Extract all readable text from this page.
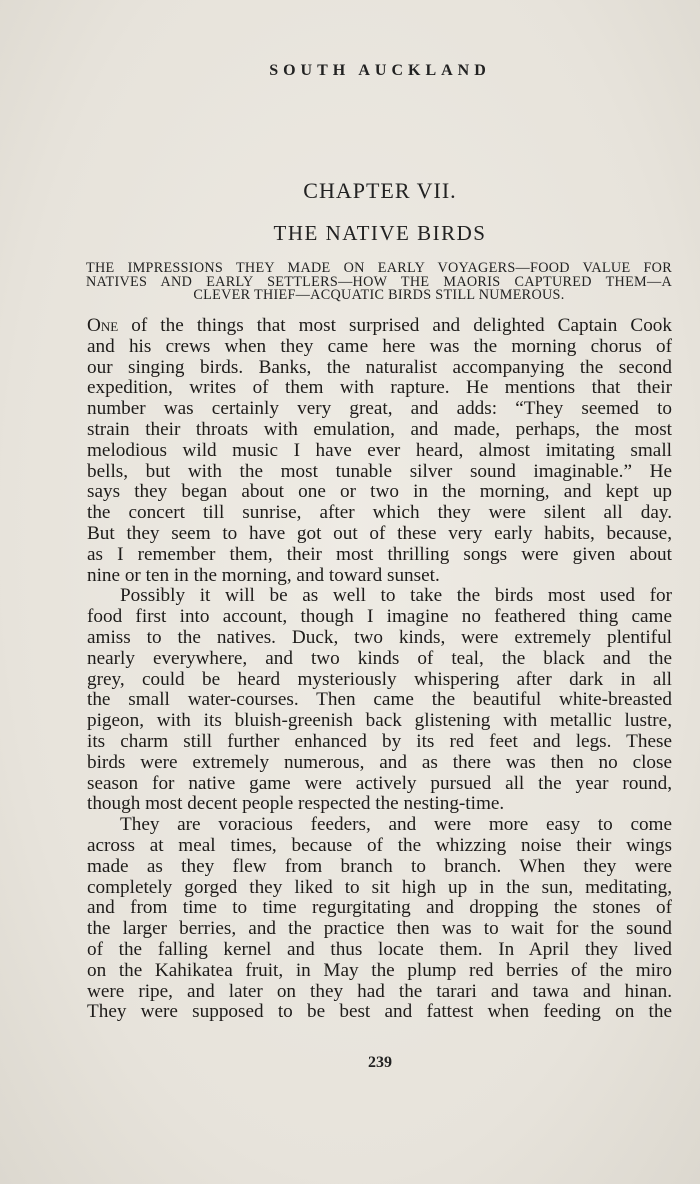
SOUTH AUCKLAND
CHAPTER VII.
THE NATIVE BIRDS
THE IMPRESSIONS THEY MADE ON EARLY VOYAGERS—FOOD VALUE FOR
NATIVES AND EARLY SETTLERS—HOW THE MAORIS CAPTURED THEM—A
CLEVER THIEF—ACQUATIC BIRDS STILL NUMEROUS.
One of the things that most surprised and delighted Captain Cook
and his crews when they came here was the morning chorus of
our singing birds. Banks, the naturalist accompanying the second
expedition, writes of them with rapture. He mentions that their
number was certainly very great, and adds: “They seemed to
strain their throats with emulation, and made, perhaps, the most
melodious wild music I have ever heard, almost imitating small
bells, but with the most tunable silver sound imaginable.” He
says they began about one or two in the morning, and kept up
the concert till sunrise, after which they were silent all day.
But they seem to have got out of these very early habits, because,
as I remember them, their most thrilling songs were given about
nine or ten in the morning, and toward sunset.
Possibly it will be as well to take the birds most used for
food first into account, though I imagine no feathered thing came
amiss to the natives. Duck, two kinds, were extremely plentiful
nearly everywhere, and two kinds of teal, the black and the
grey, could be heard mysteriously whispering after dark in all
the small water-courses. Then came the beautiful white-breasted
pigeon, with its bluish-greenish back glistening with metallic lustre,
its charm still further enhanced by its red feet and legs. These
birds were extremely numerous, and as there was then no close
season for native game were actively pursued all the year round,
though most decent people respected the nesting-time.
They are voracious feeders, and were more easy to come
across at meal times, because of the whizzing noise their wings
made as they flew from branch to branch. When they were
completely gorged they liked to sit high up in the sun, meditating,
and from time to time regurgitating and dropping the stones of
the larger berries, and the practice then was to wait for the sound
of the falling kernel and thus locate them. In April they lived
on the Kahikatea fruit, in May the plump red berries of the miro
were ripe, and later on they had the tarari and tawa and hinan.
They were supposed to be best and fattest when feeding on the
239
